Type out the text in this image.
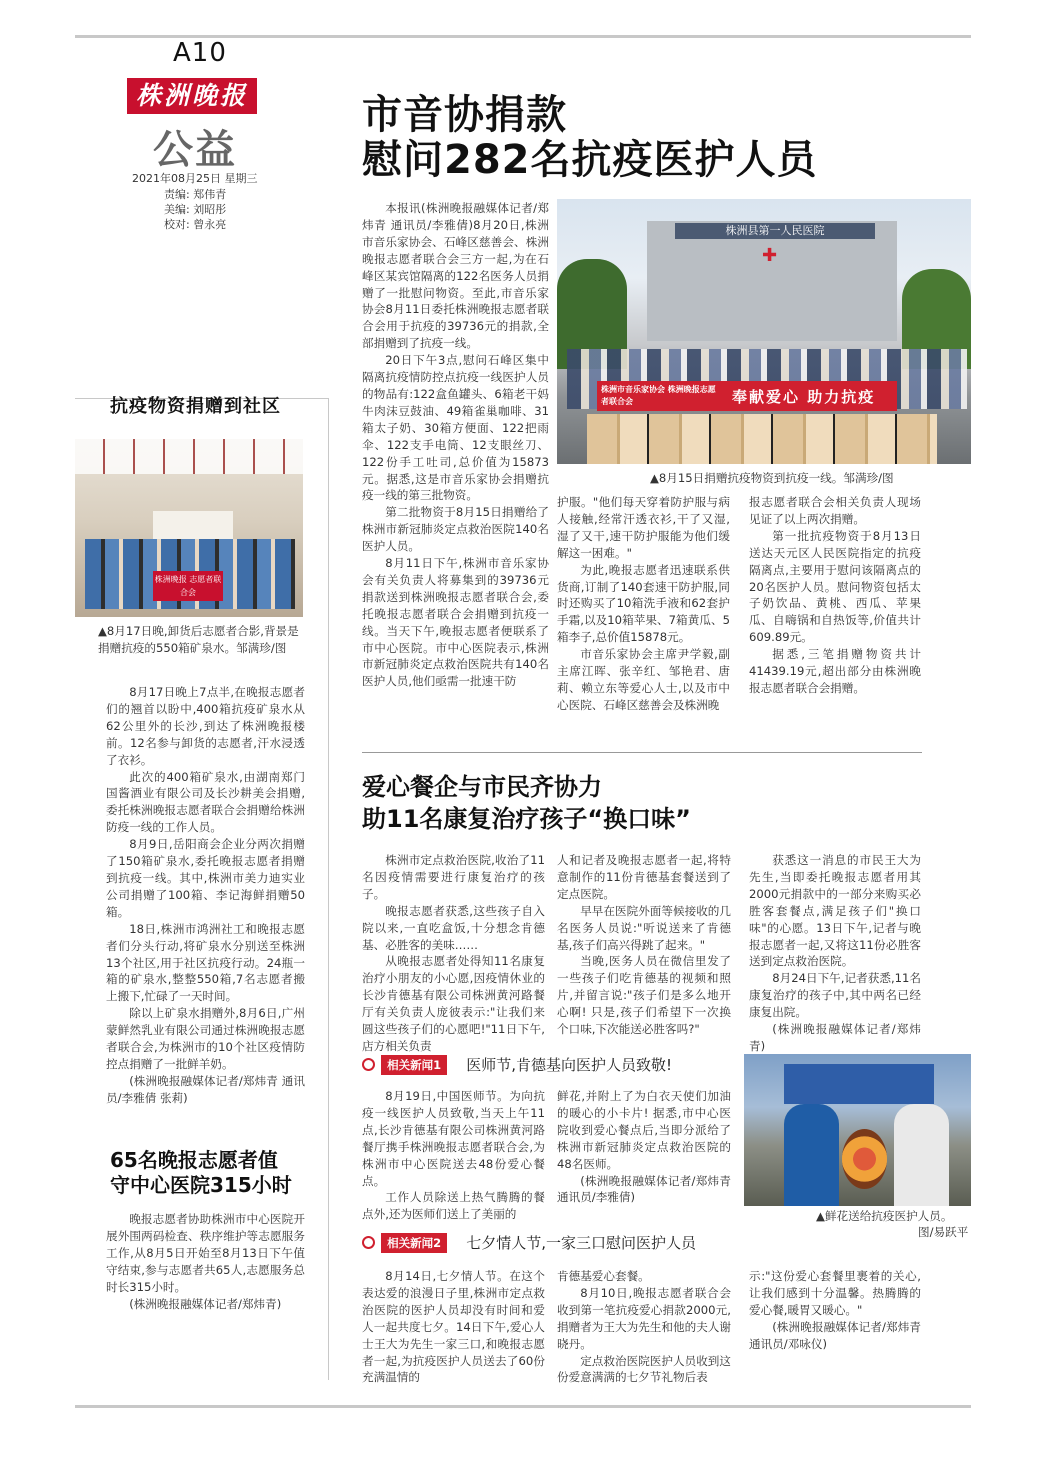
A10
株洲晚报
公益
2021年08月25日 星期三
责编: 郑伟青
美编: 刘昭彤
校对: 曾永亮
市音协捐款
慰问282名抗疫医护人员

本报讯(株洲晚报融媒体记者/郑炜青 通讯员/李雅倩)8月20日,株洲市音乐家协会、石峰区慈善会、株洲晚报志愿者联合会三方一起,为在石峰区某宾馆隔离的122名医务人员捐赠了一批慰问物资。至此,市音乐家协会8月11日委托株洲晚报志愿者联合会用于抗疫的39736元的捐款,全部捐赠到了抗疫一线。

20日下午3点,慰问石峰区集中隔离抗疫情防控点抗疫一线医护人员的物品有:122盒鱼罐头、6箱老干妈牛肉沫豆鼓油、49箱雀巢咖啡、31箱太子奶、30箱方便面、122把雨伞、122支手电筒、12支眼丝刀、122份手工吐司,总价值为15873元。据悉,这是市音乐家协会捐赠抗疫一线的第三批物资。

第二批物资于8月15日捐赠给了株洲市新冠肺炎定点救治医院140名医护人员。

8月11日下午,株洲市音乐家协会有关负责人将募集到的39736元捐款送到株洲晚报志愿者联合会,委托晚报志愿者联合会捐赠到抗疫一线。当天下午,晚报志愿者便联系了市中心医院。市中心医院表示,株洲市新冠肺炎定点救治医院共有140名医护人员,他们亟需一批速干防

株洲县第一人民医院
✚
株洲市音乐家协会 株洲晚报志愿者联合会	奉献爱心 助力抗疫
▲8月15日捐赠抗疫物资到抗疫一线。邹满珍/图

护服。"他们每天穿着防护服与病人接触,经常汗透衣衫,干了又湿,湿了又干,速干防护服能为他们缓解这一困难。"

为此,晚报志愿者迅速联系供货商,订制了140套速干防护服,同时还购买了10箱洗手液和62套护手霜,以及10箱苹果、7箱黄瓜、5箱李子,总价值15878元。

市音乐家协会主席尹学毅,副主席江晖、张辛红、邹艳君、唐莉、赖立东等爱心人士,以及市中心医院、石峰区慈善会及株洲晚

报志愿者联合会相关负责人现场见证了以上两次捐赠。

第一批抗疫物资于8月13日送达天元区人民医院指定的抗疫隔离点,主要用于慰问该隔离点的20名医护人员。慰问物资包括太子奶饮品、黄桃、西瓜、苹果瓜、自嗨锅和自热饭等,价值共计609.89元。

据悉,三笔捐赠物资共计41439.19元,超出部分由株洲晚报志愿者联合会捐赠。

抗疫物资捐赠到社区
株洲晚报 志愿者联合会
▲8月17日晚,卸货后志愿者合影,背景是捐赠抗疫的550箱矿泉水。邹满珍/图

8月17日晚上7点半,在晚报志愿者们的翘首以盼中,400箱抗疫矿泉水从62公里外的长沙,到达了株洲晚报楼前。12名参与卸货的志愿者,汗水浸透了衣衫。

此次的400箱矿泉水,由湖南郑门国酱酒业有限公司及长沙耕美会捐赠,委托株洲晚报志愿者联合会捐赠给株洲防疫一线的工作人员。

8月9日,岳阳商会企业分两次捐赠了150箱矿泉水,委托晚报志愿者捐赠到抗疫一线。其中,株洲市美力迪实业公司捐赠了100箱、李记海鲜捐赠50箱。

18日,株洲市鸿洲社工和晚报志愿者们分头行动,将矿泉水分别送至株洲13个社区,用于社区抗疫行动。24瓶一箱的矿泉水,整整550箱,7名志愿者搬上搬下,忙碌了一天时间。

除以上矿泉水捐赠外,8月6日,广州蒙鲜然乳业有限公司通过株洲晚报志愿者联合会,为株洲市的10个社区疫情防控点捐赠了一批鲜羊奶。

(株洲晚报融媒体记者/郑炜青 通讯员/李雅倩 张莉)

65名晚报志愿者值
守中心医院315小时

晚报志愿者协助株洲市中心医院开展外围两码检查、秩序维护等志愿服务工作,从8月5日开始至8月13日下午值守结束,参与志愿者共65人,志愿服务总时长315小时。

(株洲晚报融媒体记者/郑炜青)

爱心餐企与市民齐协力
助11名康复治疗孩子“换口味”

株洲市定点救治医院,收治了11名因疫情需要进行康复治疗的孩子。

晚报志愿者获悉,这些孩子自入院以来,一直吃盒饭,十分想念肯德基、必胜客的美味……

从晚报志愿者处得知11名康复治疗小朋友的小心愿,因疫情休业的长沙肯德基有限公司株洲黄河路餐厅有关负责人庞彼表示:"让我们来圆这些孩子们的心愿吧!"11日下午,店方相关负责

人和记者及晚报志愿者一起,将特意制作的11份肯德基套餐送到了定点医院。

早早在医院外面等候接收的几名医务人员说:"听说送来了肯德基,孩子们高兴得跳了起来。"

当晚,医务人员在微信里发了一些孩子们吃肯德基的视频和照片,并留言说:"孩子们是多么地开心啊! 只是,孩子们希望下一次换个口味,下次能送必胜客吗?"

获悉这一消息的市民王大为先生,当即委托晚报志愿者用其2000元捐款中的一部分来购买必胜客套餐点,满足孩子们"换口味"的心愿。13日下午,记者与晚报志愿者一起,又将这11份必胜客送到定点救治医院。

8月24日下午,记者获悉,11名康复治疗的孩子中,其中两名已经康复出院。

(株洲晚报融媒体记者/郑炜青)

相关新闻1 医师节,肯德基向医护人员致敬!

8月19日,中国医师节。为向抗疫一线医护人员致敬,当天上午11点,长沙肯德基有限公司株洲黄河路餐厅携手株洲晚报志愿者联合会,为株洲市中心医院送去48份爱心餐点。

工作人员除送上热气腾腾的餐点外,还为医师们送上了美丽的

鲜花,并附上了为白衣天使们加油的暖心的小卡片! 据悉,市中心医院收到爱心餐点后,当即分派给了株洲市新冠肺炎定点救治医院的48名医师。

(株洲晚报融媒体记者/郑炜青 通讯员/李雅倩)

▲鲜花送给抗疫医护人员。
图/易跃平
相关新闻2 七夕情人节,一家三口慰问医护人员

8月14日,七夕情人节。在这个表达爱的浪漫日子里,株洲市定点救治医院的医护人员却没有时间和爱人一起共度七夕。14日下午,爱心人士王大为先生一家三口,和晚报志愿者一起,为抗疫医护人员送去了60份充满温情的

肯德基爱心套餐。

8月10日,晚报志愿者联合会收到第一笔抗疫爱心捐款2000元,捐赠者为王大为先生和他的夫人谢晓丹。

定点救治医院医护人员收到这份爱意满满的七夕节礼物后表

示:"这份爱心套餐里裹着的关心,让我们感到十分温馨。热腾腾的爱心餐,暖胃又暖心。"

(株洲晚报融媒体记者/郑炜青 通讯员/邓咏仪)
